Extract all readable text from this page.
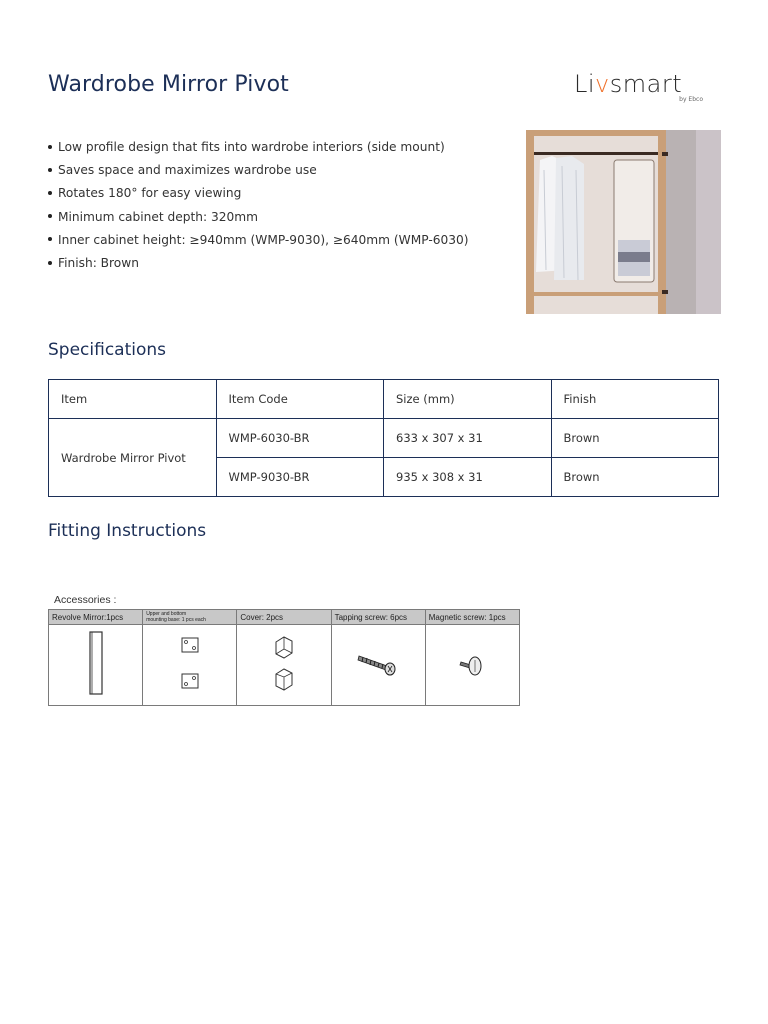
Wardrobe Mirror Pivot	Livsmart
by Ebco
Low profile design that fits into wardrobe interiors (side mount)
Saves space and maximizes wardrobe use
Rotates 180° for easy viewing
Minimum cabinet depth: 320mm
Inner cabinet height: ≥940mm (WMP-9030), ≥640mm (WMP-6030)
Finish: Brown
Specifications
Item	Item Code	Size (mm)	Finish
Wardrobe Mirror Pivot	WMP-6030-BR	633 x 307 x 31	Brown
	WMP-9030-BR	935 x 308 x 31	Brown
Fitting Instructions
Accessories :
Revolve Mirror:1pcs	Upper and bottom
mounting base: 1 pcs each	Cover: 2pcs	Tapping screw: 6pcs	Magnetic screw: 1pcs
